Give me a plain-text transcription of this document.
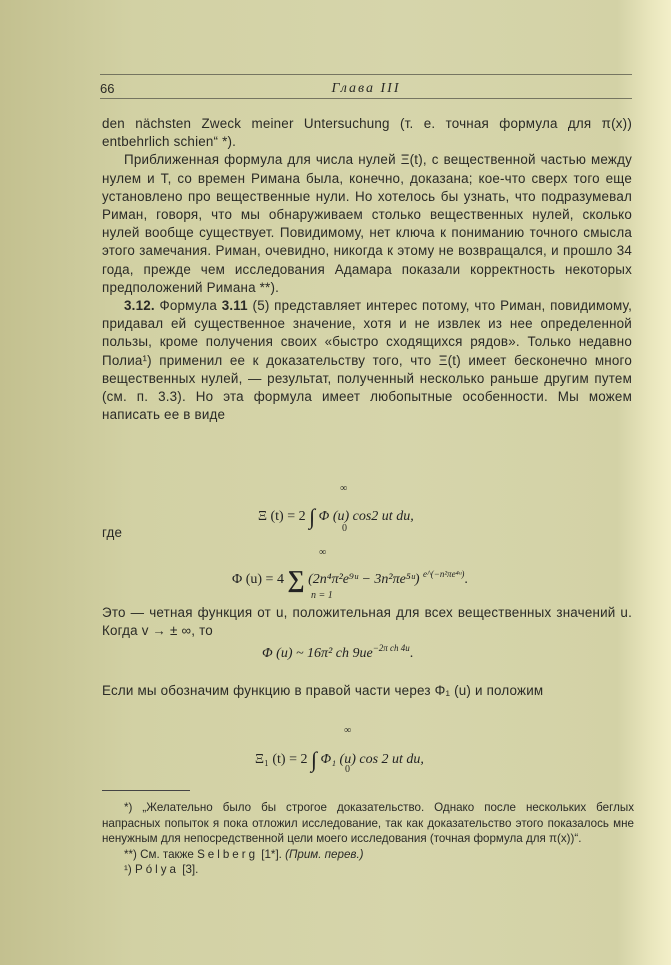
66	Глава III

den nächsten Zweck meiner Untersuchung (т. е. точная формула для π(x)) entbehrlich schien“ *).

Приближенная формула для числа нулей Ξ(t), с вещественной частью между нулем и T, со времен Римана была, конечно, доказана; кое-что сверх того еще установлено про вещественные нули. Но хотелось бы узнать, что подразумевал Риман, говоря, что мы обнаруживаем столько вещественных нулей, сколько нулей вообще существует. Повидимому, нет ключа к пониманию точного смысла этого замечания. Риман, очевидно, никогда к этому не возвращался, и прошло 34 года, прежде чем исследования Адамара показали корректность некоторых предположений Римана **).

3.12. Формула 3.11 (5) представляет интерес потому, что Риман, повидимому, придавал ей существенное значение, хотя и не извлек из нее определенной пользы, кроме получения своих «быстро сходящихся рядов». Только недавно Полиа¹) применил ее к доказательству того, что Ξ(t) имеет бесконечно много вещественных нулей, — результат, полученный несколько раньше другим путем (см. п. 3.3). Но эта формула имеет любопытные особенности. Мы можем написать ее в виде

Ξ (t) = 2 ∫ Φ (u) cos2 ut du,
∞
0
где
Φ (u) = 4 ∑ (2n⁴π²e⁹ᵘ − 3n²πe⁵ᵘ) $^{e\^{}(-n^2\pi e^4ᵘ)}$.
∞
n = 1
Это — четная функция от u, положительная для всех вещественных значений u. Когда v → ± ∞, то
Φ (u) ~ 16π² ch $9ue^{-2\pi ch 4u}$.
Если мы обозначим функцию в правой части через Φ₁ (u) и положим
Ξ₁ (t) = 2 ∫ Φ₁ (u) cos 2 ut du,
∞
0

*) „Желательно было бы строгое доказательство. Однако после нескольких беглых напрасных попыток я пока отложил исследование, так как доказательство этого показалось мне ненужным для непосредственной цели моего исследования (точная формула для π(x))“.

**) См. также Selberg [1*]. (Прим. перев.)

¹) Pólya [3].
